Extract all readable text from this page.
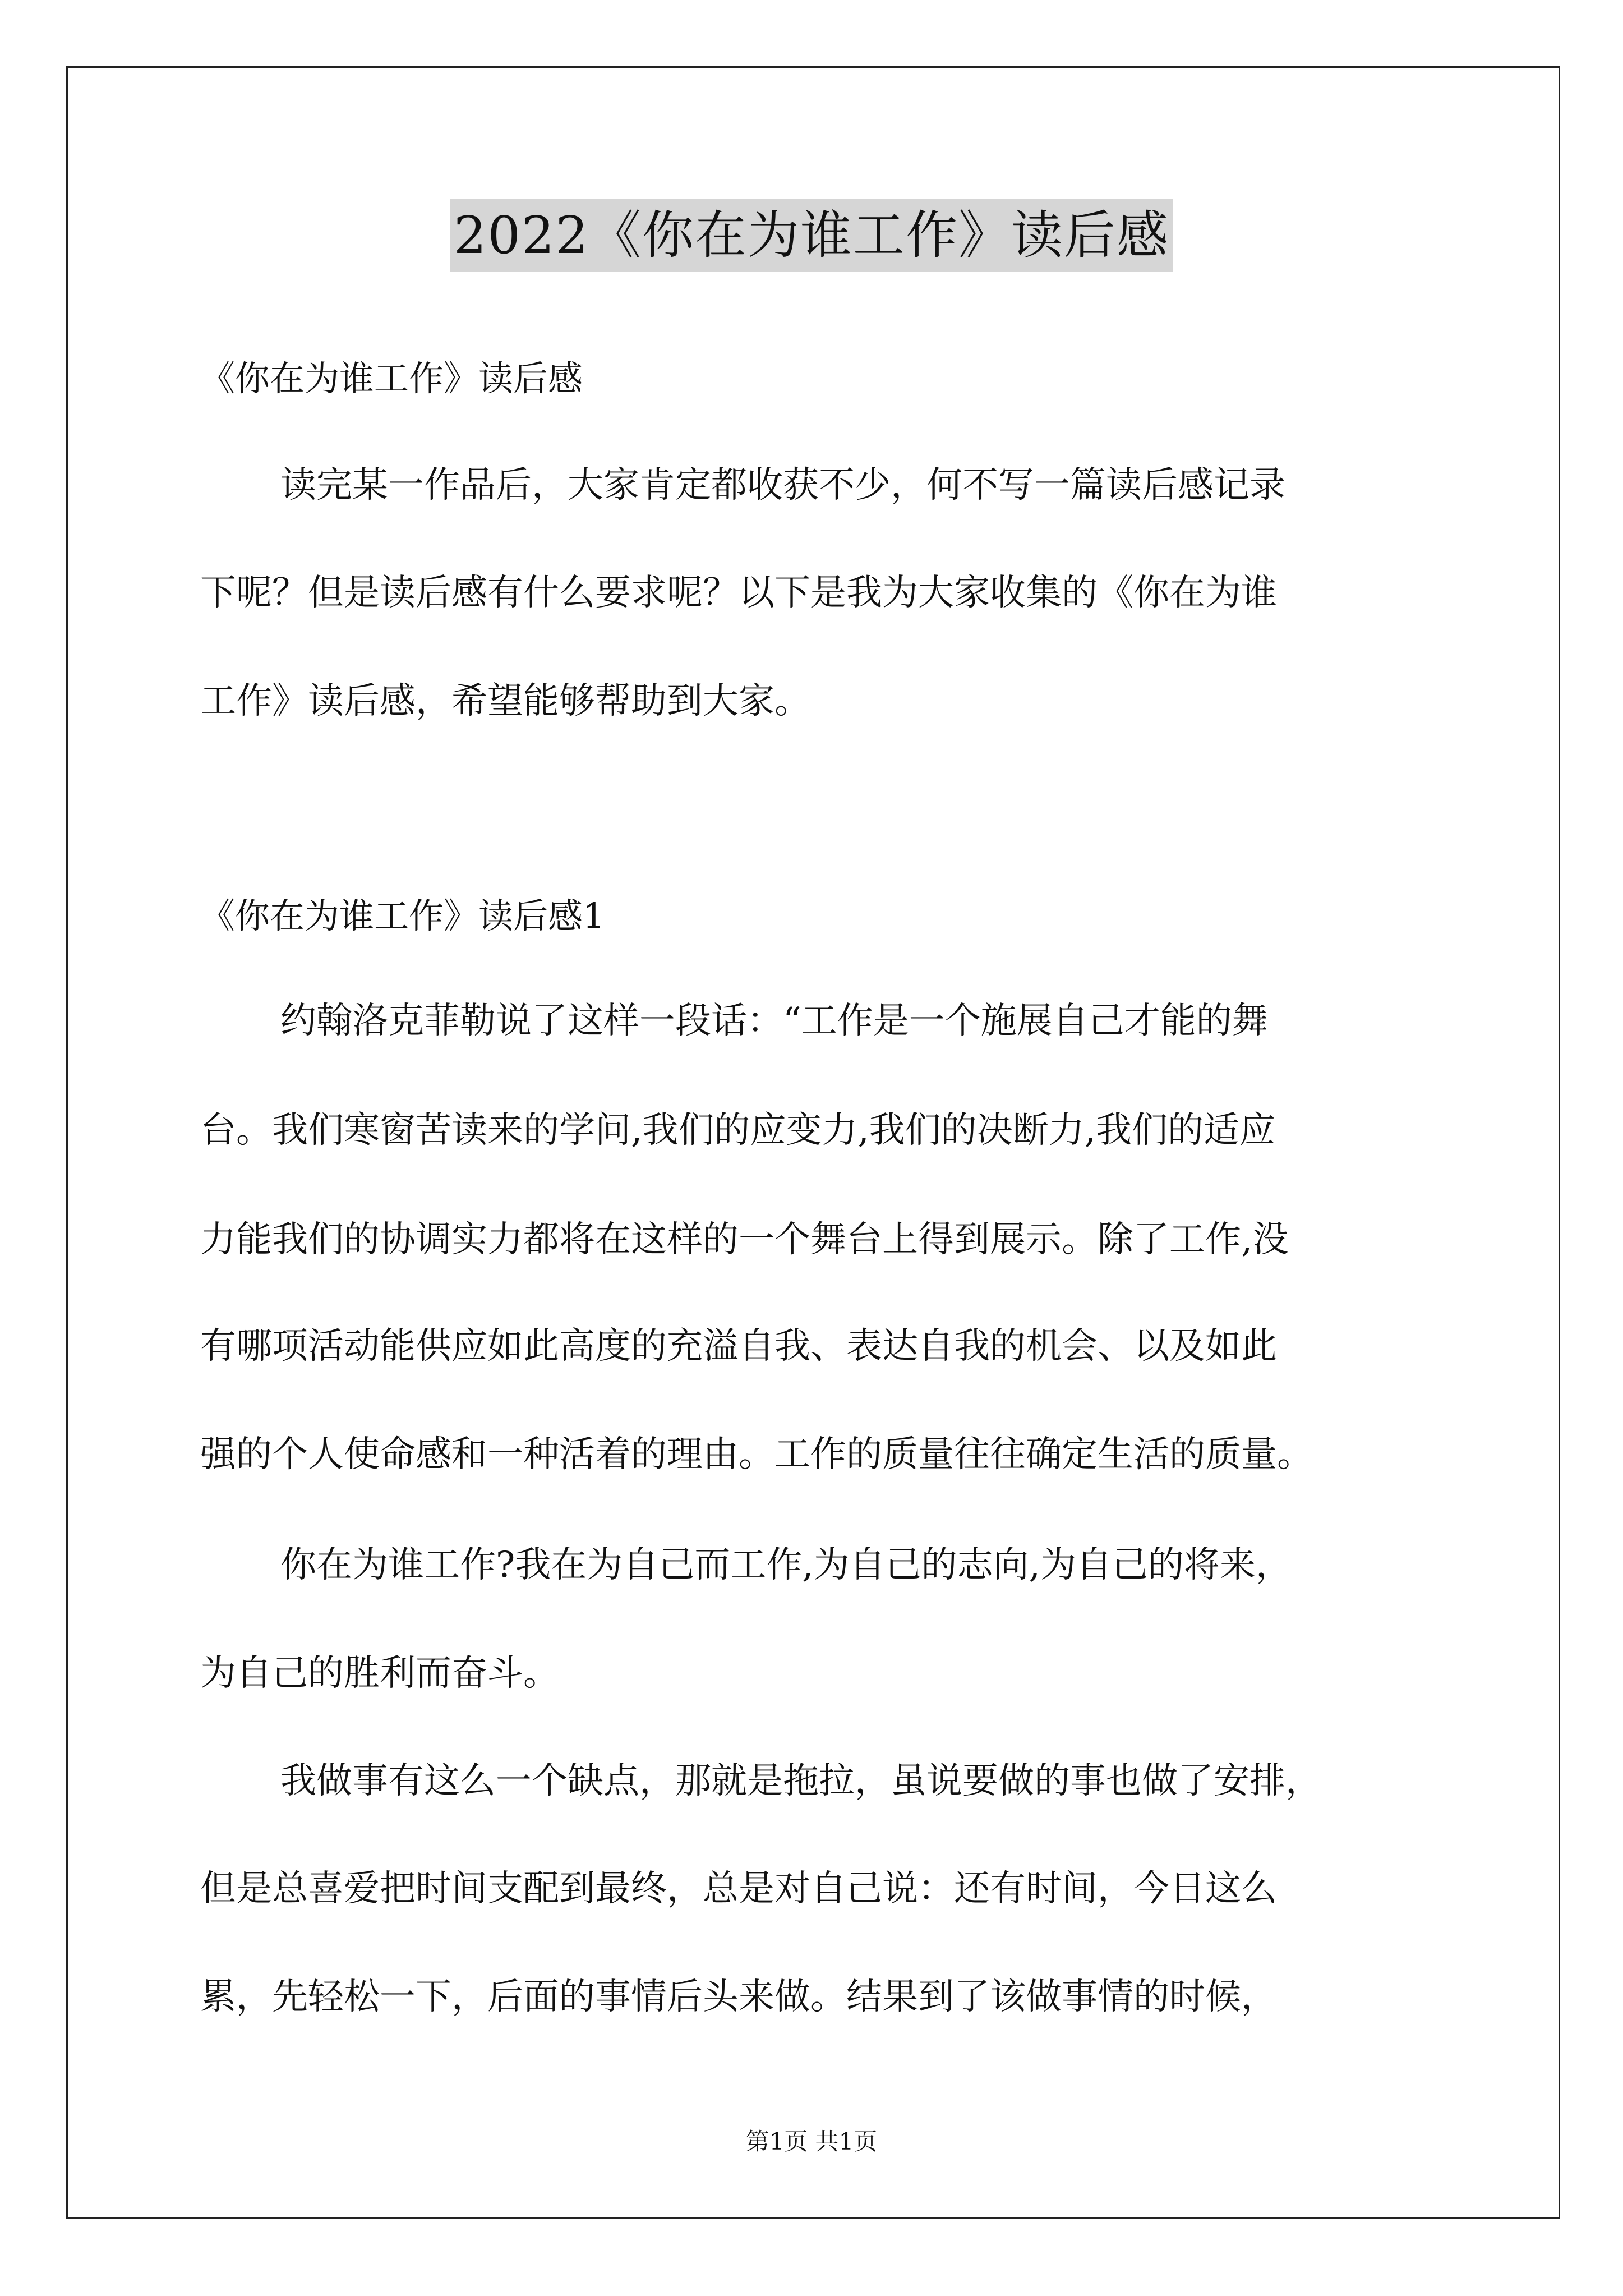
2022《你在为谁工作》读后感
《你在为谁工作》读后感
读完某一作品后，大家肯定都收获不少，何不写一篇读后感记录
下呢？但是读后感有什么要求呢？以下是我为大家收集的《你在为谁
工作》读后感，希望能够帮助到大家。
《你在为谁工作》读后感1
约翰洛克菲勒说了这样一段话：“工作是一个施展自己才能的舞
台。我们寒窗苦读来的学问,我们的应变力,我们的决断力,我们的适应
力能我们的协调实力都将在这样的一个舞台上得到展示。除了工作,没
有哪项活动能供应如此高度的充溢自我、表达自我的机会、以及如此
强的个人使命感和一种活着的理由。工作的质量往往确定生活的质量。
你在为谁工作?我在为自己而工作,为自己的志向,为自己的将来，
为自己的胜利而奋斗。
我做事有这么一个缺点，那就是拖拉，虽说要做的事也做了安排，
但是总喜爱把时间支配到最终，总是对自己说：还有时间，今日这么
累，先轻松一下，后面的事情后头来做。结果到了该做事情的时候，
第1页 共1页
